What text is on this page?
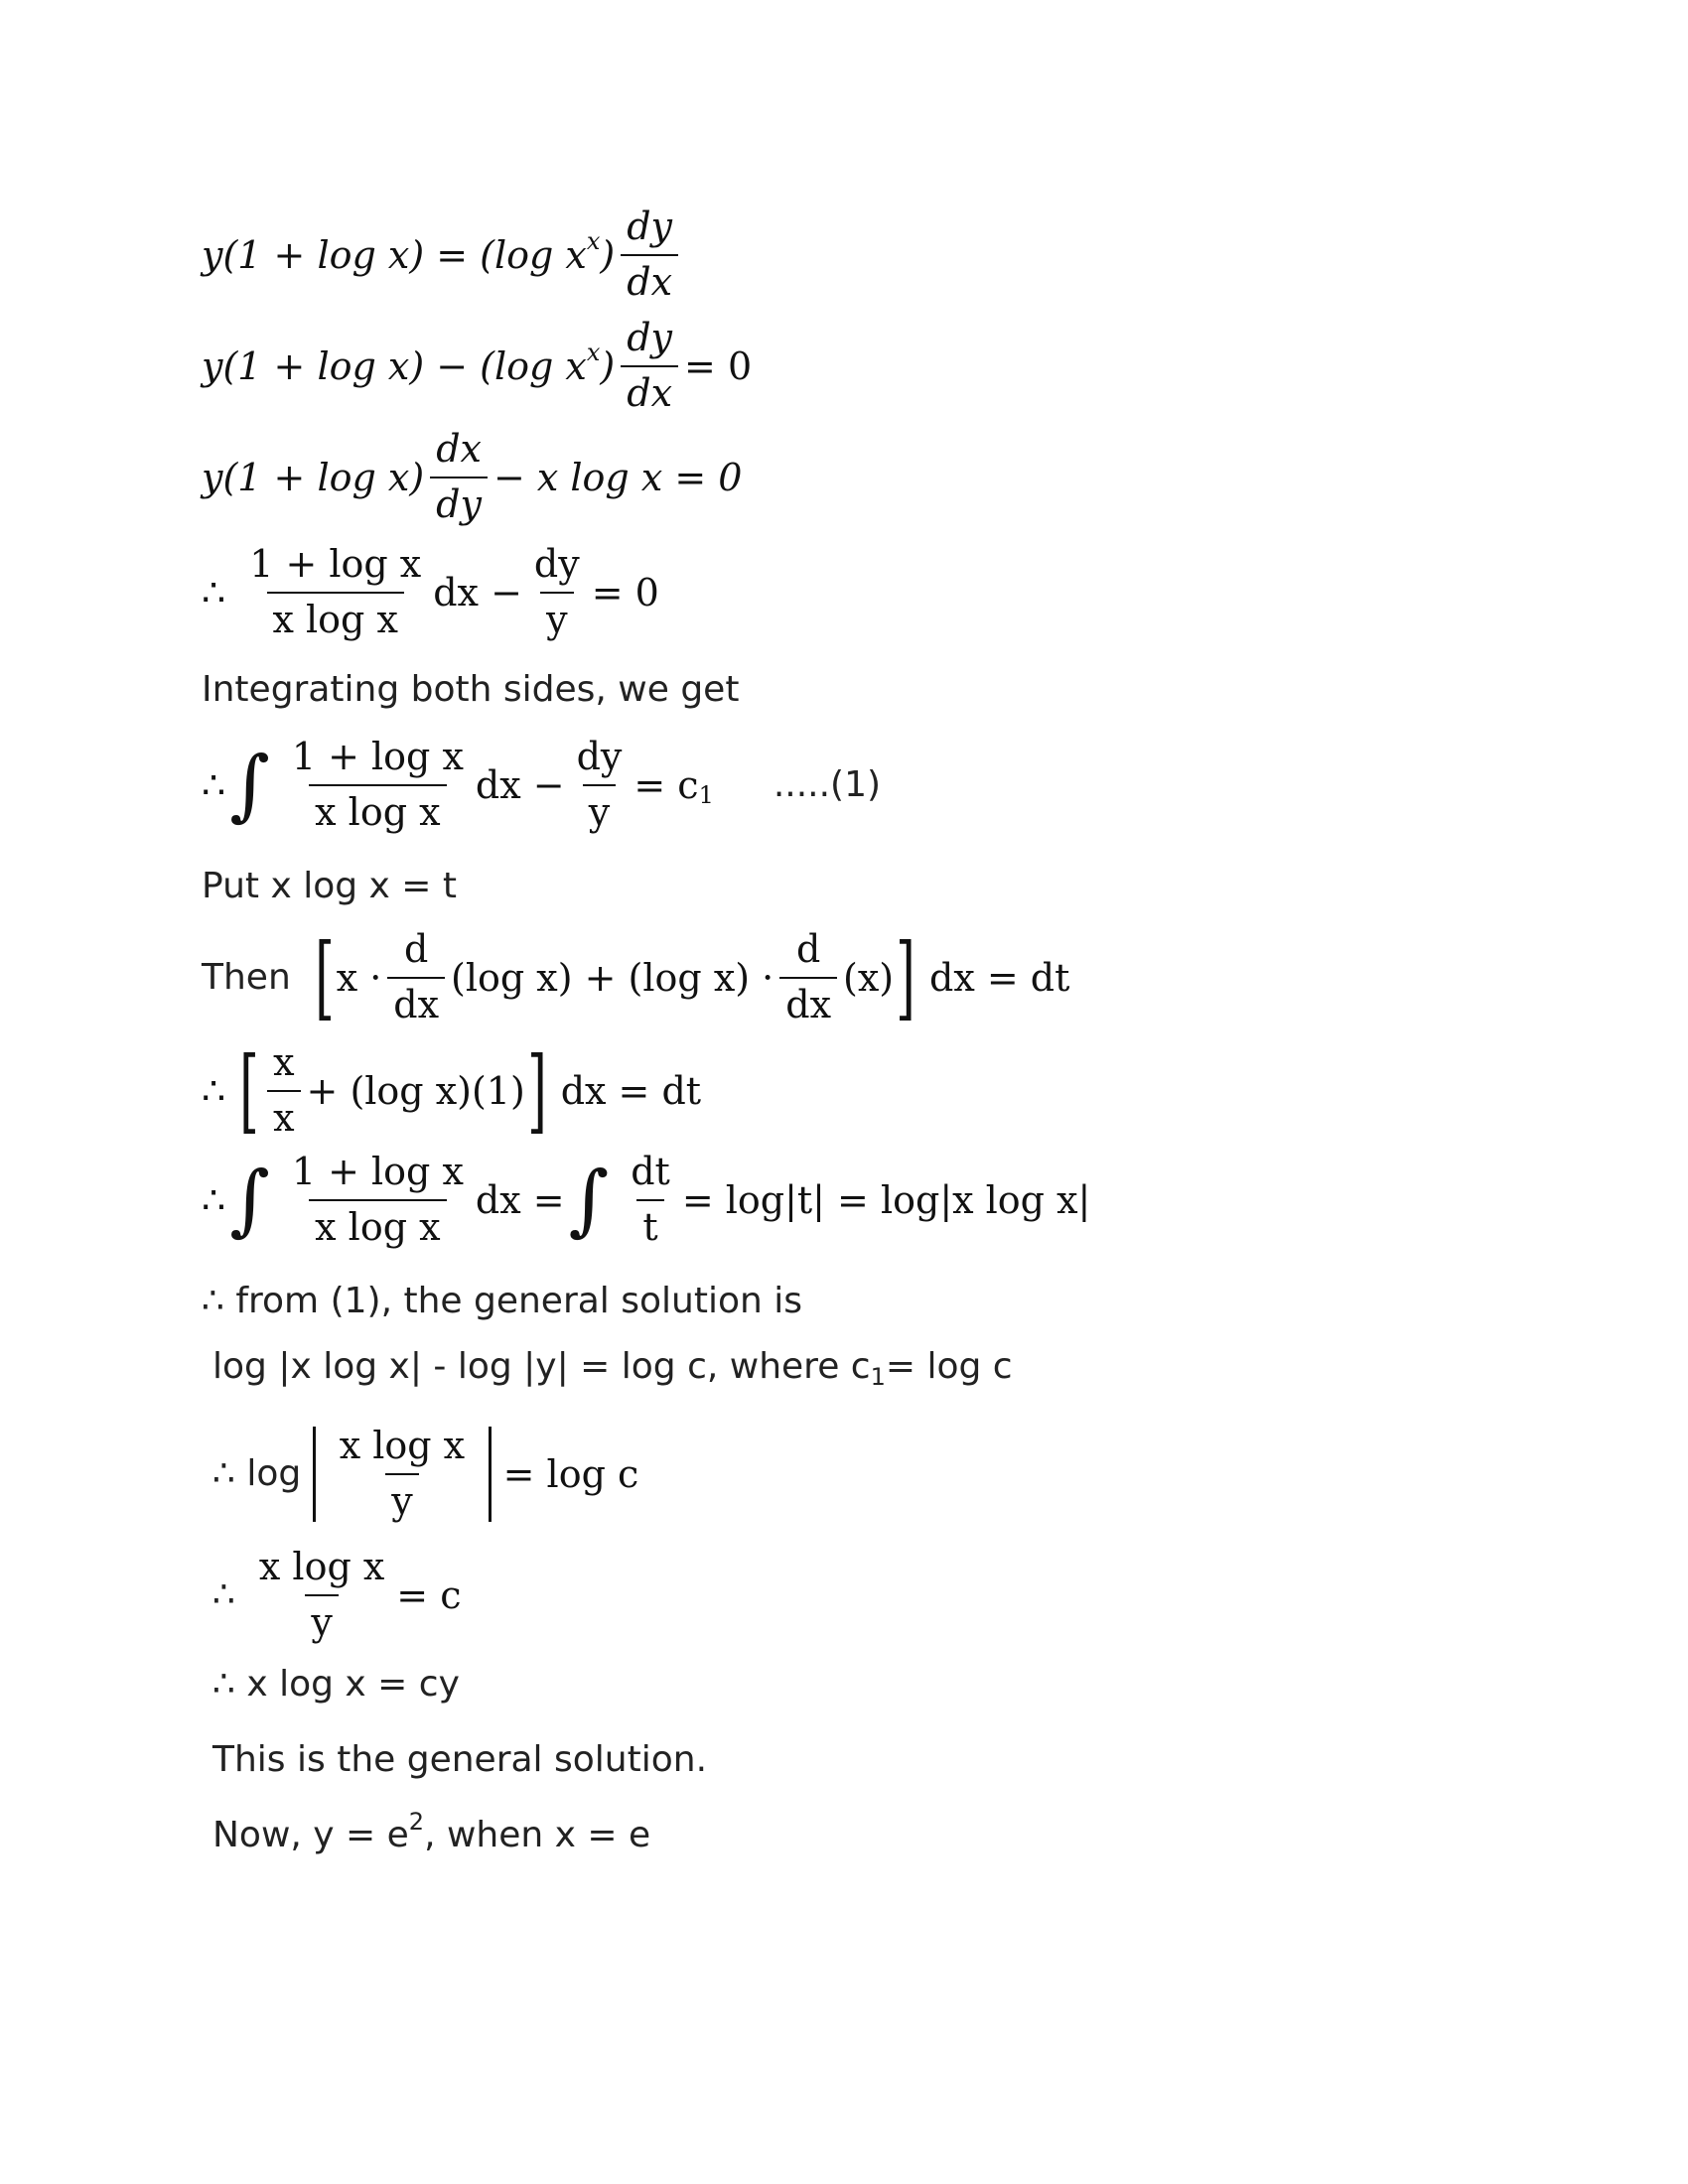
y(1 + log x) = (log x x ) $\frac{dy}{dx}$
y(1 + log x) − (log x x ) $\frac{dy}{dx} = 0$
$y(1 + \log x) \frac{dx}{dy} - x$ log x = 0
∴ $\frac{\text{1 + log x}}{\text{x log x}}$ dx − $\frac{dy}{y} = 0$
Integrating both sides, we get
∴ ∫ $\frac{\text{1 + log x}}{\text{x log x}}$ dx − $\frac{dy}{y} = c$ 1 .....(1)
Put x log x = t
Then [ $x \cdot \frac{d}{dx} (\log$ x) + (log $x) \cdot \frac{d}{dx} (x)$ ] dx = dt
∴ [ $\frac{x}{x} + (\log$ x)(1) ] dx = dt
∴ ∫ $\frac{\text{1 + log x}}{\text{x log x}}$ dx = ∫ $\frac{dt}{t} = \log|t| = \log|x$ log x|
∴ from (1), the general solution is
log |x log x| - log |y| = log c, where c 1 = log c
∴ $\log \frac{\text{x log x}}{y} = \log c$
∴ $\frac{\text{x log x}}{y} = c$
∴ x log x = cy
This is the general solution.
Now, y = e 2 , when x = e
